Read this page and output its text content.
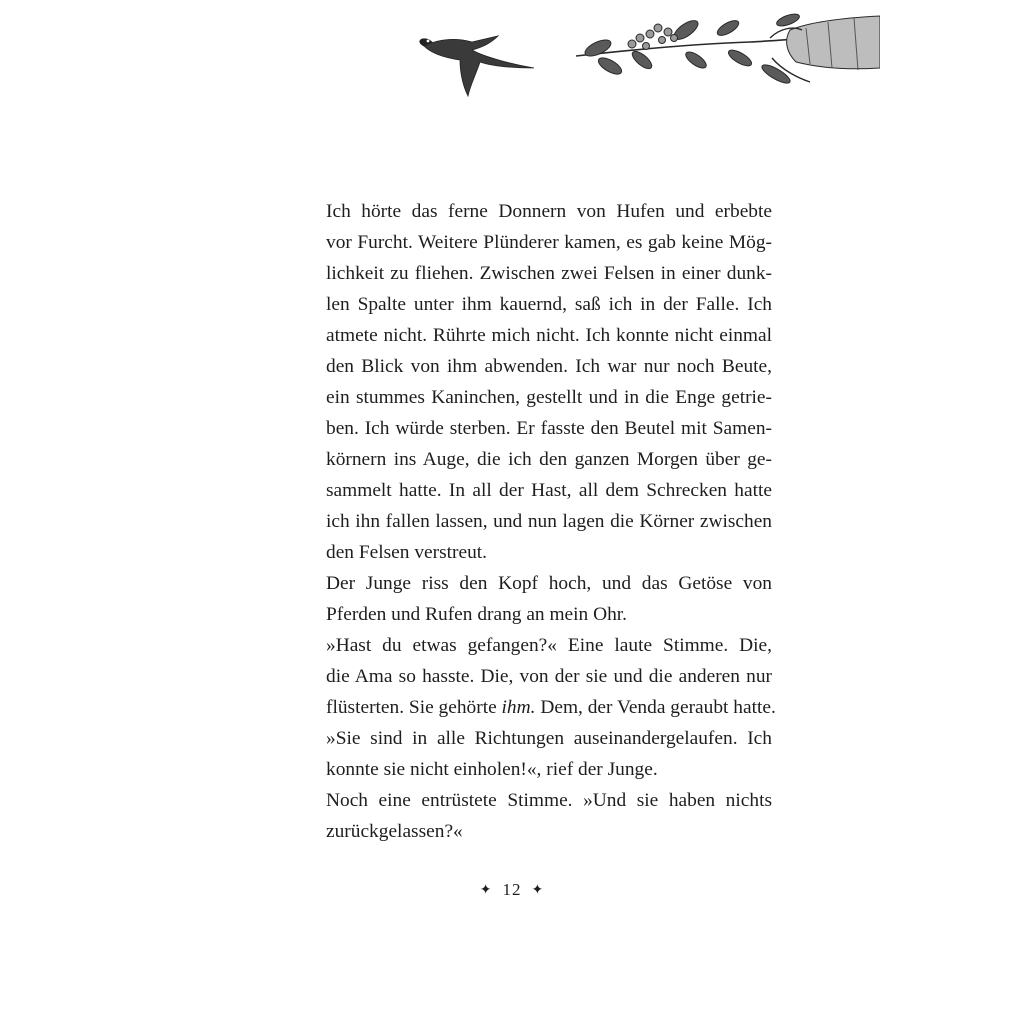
Ich hörte das ferne Donnern von Hufen und erbebte
vor Furcht. Weitere Plünderer kamen, es gab keine Mög-
lichkeit zu fliehen. Zwischen zwei Felsen in einer dunk-
len Spalte unter ihm kauernd, saß ich in der Falle. Ich
atmete nicht. Rührte mich nicht. Ich konnte nicht einmal
den Blick von ihm abwenden. Ich war nur noch Beute,
ein stummes Kaninchen, gestellt und in die Enge getrie-
ben. Ich würde sterben. Er fasste den Beutel mit Samen-
körnern ins Auge, die ich den ganzen Morgen über ge-
sammelt hatte. In all der Hast, all dem Schrecken hatte
ich ihn fallen lassen, und nun lagen die Körner zwischen
den Felsen verstreut.

Der Junge riss den Kopf hoch, und das Getöse von
Pferden und Rufen drang an mein Ohr.

»Hast du etwas gefangen?« Eine laute Stimme. Die,
die Ama so hasste. Die, von der sie und die anderen nur
flüsterten. Sie gehörte ihm. Dem, der Venda geraubt hatte.

»Sie sind in alle Richtungen auseinandergelaufen. Ich
konnte sie nicht einholen!«, rief der Junge.

Noch eine entrüstete Stimme. »Und sie haben nichts
zurückgelassen?«

✦ 12 ✦
